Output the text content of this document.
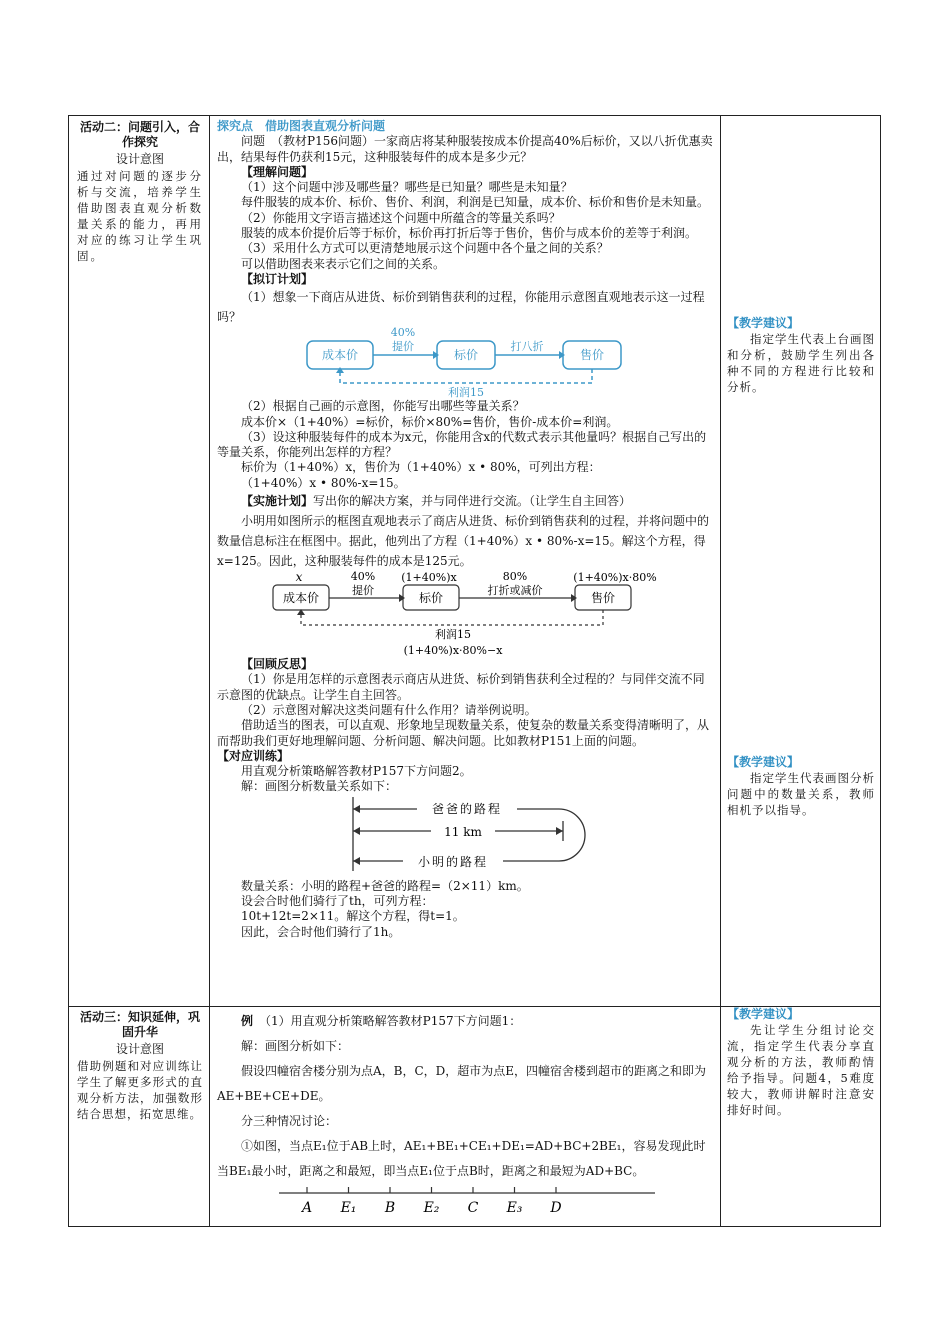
活动二：问题引入，合作探究
设计意图
通过对问题的逐步分析与交流，培养学生借助图表直观分析数量关系的能力，再用对应的练习让学生巩固。

探究点　借助图表直观分析问题

问题　（教材P156问题）一家商店将某种服装按成本价提高40%后标价，又以八折优惠卖出，结果每件仍获利15元，这种服装每件的成本是多少元？

【理解问题】

（1）这个问题中涉及哪些量？哪些是已知量？哪些是未知量？

每件服装的成本价、标价、售价、利润，利润是已知量，成本价、标价和售价是未知量。

（2）你能用文字语言描述这个问题中所蕴含的等量关系吗？

服装的成本价提价后等于标价，标价再打折后等于售价，售价与成本价的差等于利润。

（3）采用什么方式可以更清楚地展示这个问题中各个量之间的关系？

可以借助图表来表示它们之间的关系。

【拟订计划】

（1）想象一下商店从进货、标价到销售获利的过程，你能用示意图直观地表示这一过程吗？

成本价	标价	售价
40%
提价	打八折
利润15

（2）根据自己画的示意图，你能写出哪些等量关系？

成本价×（1+40%）=标价，标价×80%=售价，售价-成本价=利润。

（3）设这种服装每件的成本为x元，你能用含x的代数式表示其他量吗？根据自己写出的等量关系，你能列出怎样的方程？

标价为（1+40%）x，售价为（1+40%）x • 80%，可列出方程：

（1+40%）x • 80%-x=15。

【实施计划】写出你的解决方案，并与同伴进行交流。（让学生自主回答）

小明用如图所示的框图直观地表示了商店从进货、标价到销售获利的过程，并将问题中的数量信息标注在框图中。据此，他列出了方程（1+40%）x • 80%-x=15。解这个方程，得x=125。因此，这种服装每件的成本是125元。

成本价	标价	售价
x	40%
提价
(1+40%)x	80%
打折或减价
(1+40%)x·80%
利润15
(1+40%)x·80%−x

【回顾反思】

（1）你是用怎样的示意图表示商店从进货、标价到销售获利全过程的？与同伴交流不同示意图的优缺点。让学生自主回答。

（2）示意图对解决这类问题有什么作用？请举例说明。

借助适当的图表，可以直观、形象地呈现数量关系，使复杂的数量关系变得清晰明了，从而帮助我们更好地理解问题、分析问题、解决问题。比如教材P151上面的问题。

【对应训练】

用直观分析策略解答教材P157下方问题2。

解：画图分析数量关系如下：

爸爸的路程
11 km
小明的路程

数量关系：小明的路程+爸爸的路程=（2×11）km。

设会合时他们骑行了th，可列方程：

10t+12t=2×11。解这个方程，得t=1。

因此，会合时他们骑行了1h。

【教学建议】
指定学生代表上台画图和分析，鼓励学生列出各种不同的方程进行比较和分析。
【教学建议】
指定学生代表画图分析问题中的数量关系，教师相机予以指导。
活动三：知识延伸，巩固升华
设计意图
借助例题和对应训练让学生了解更多形式的直观分析方法，加强数形结合思想，拓宽思维。

例　 （1）用直观分析策略解答教材P157下方问题1：

解：画图分析如下：

假设四幢宿舍楼分别为点A，B，C，D，超市为点E，四幢宿舍楼到超市的距离之和即为AE+BE+CE+DE。

分三种情况讨论：

①如图，当点E₁位于AB上时，AE₁+BE₁+CE₁+DE₁=AD+BC+2BE₁，容易发现此时当BE₁最小时，距离之和最短，即当点E₁位于点B时，距离之和最短为AD+BC。

A E₁ B E₂ C E₃ D
【教学建议】
先让学生分组讨论交流，指定学生代表分享直观分析的方法，教师酌情给予指导。问题4，5难度较大，教师讲解时注意安排好时间。
